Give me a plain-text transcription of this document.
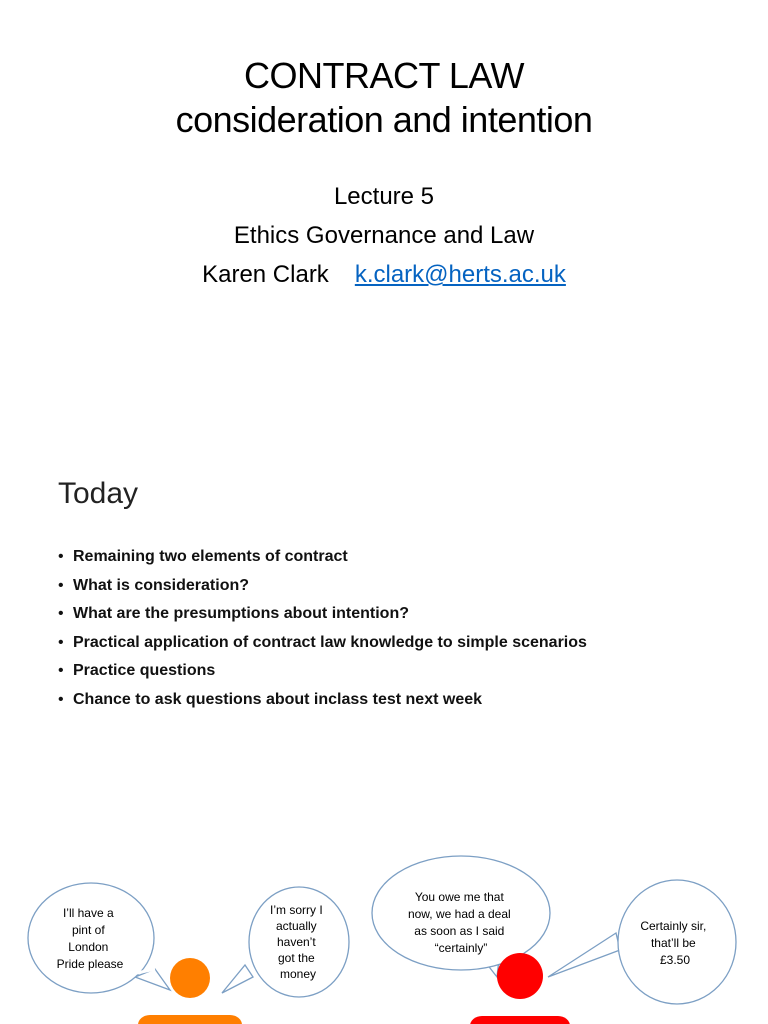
CONTRACT LAW
consideration and intention
Lecture 5
Ethics Governance and Law
Karen Clark k.clark@herts.ac.uk
Today
• Remaining two elements of contract
• What is consideration?
• What are the presumptions about intention?
• Practical application of contract law knowledge to simple scenarios
• Practice questions
• Chance to ask questions about inclass test next week
I’ll have a pint of London Pride please
I’m sorry I actually haven’t got the money
You owe me that now, we had a deal as soon as I said “certainly”
Certainly sir, that’ll be £3.50
